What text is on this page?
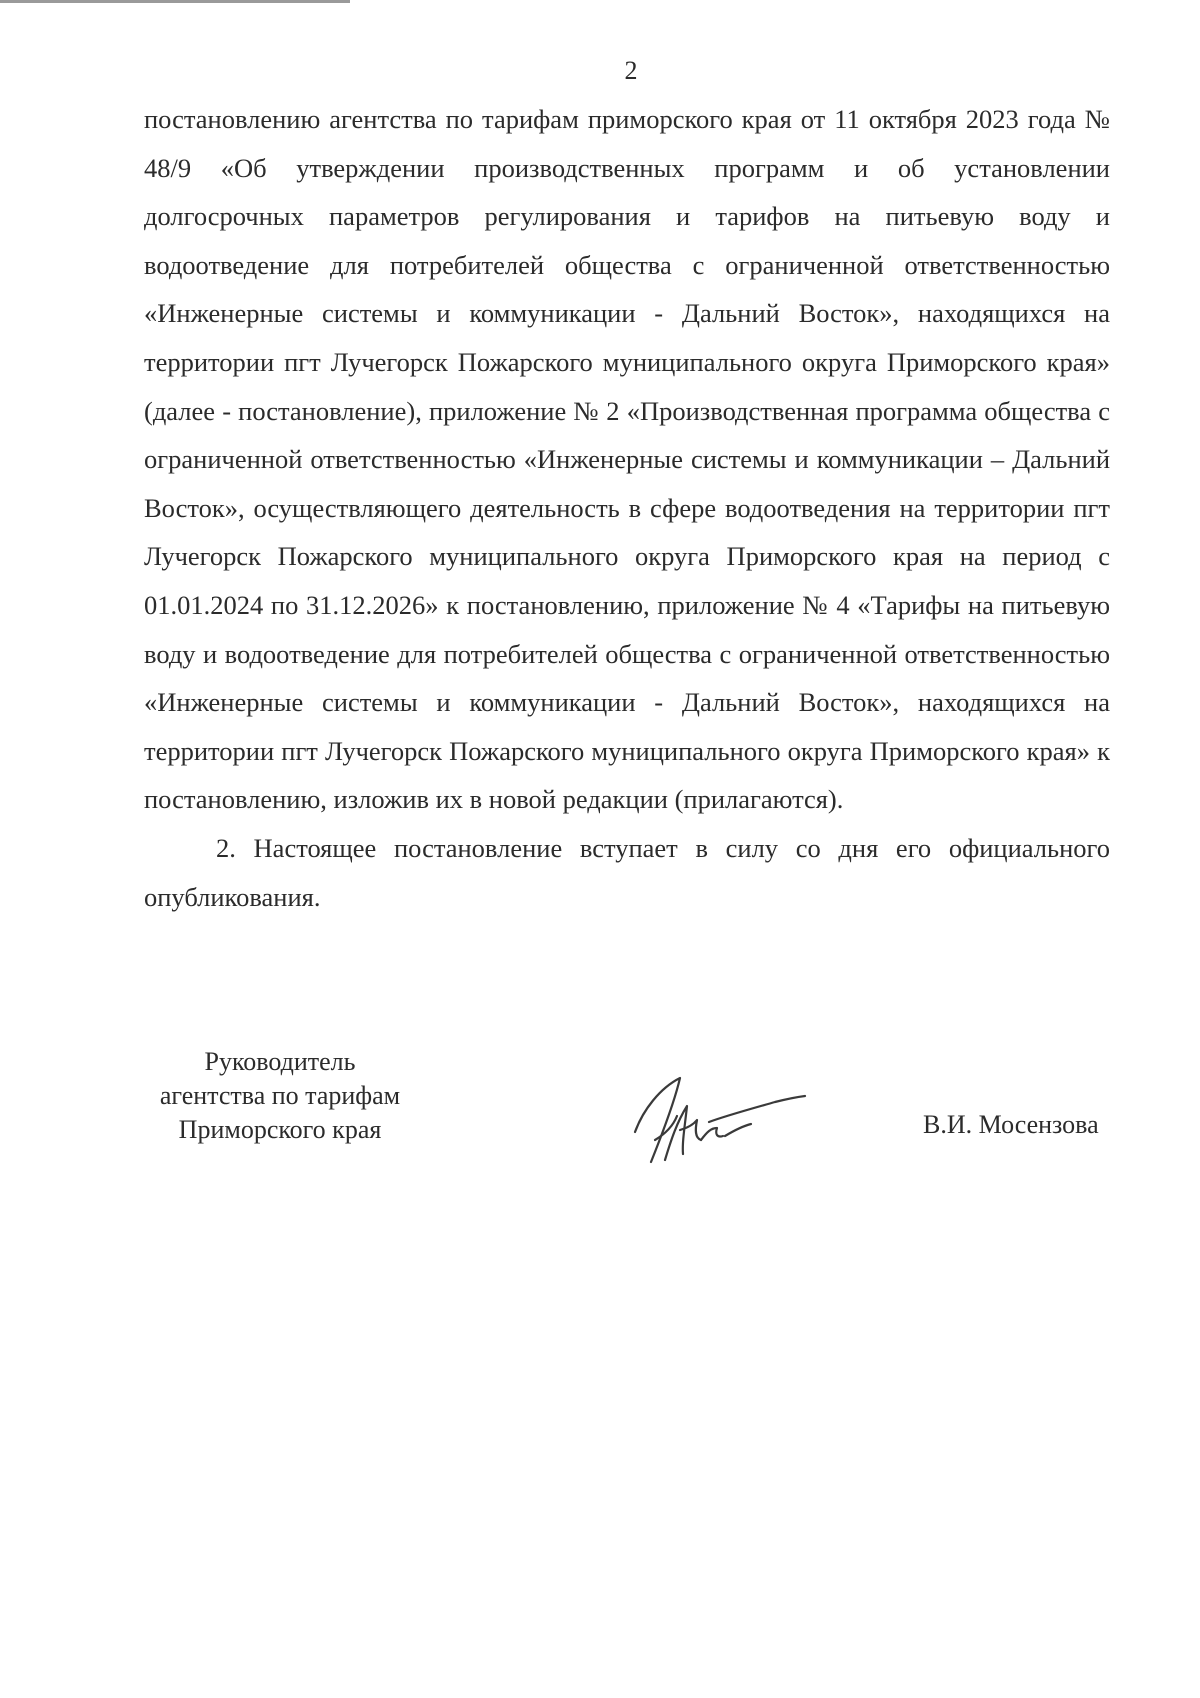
2

постановлению агентства по тарифам приморского края от 11 октября 2023 года № 48/9 «Об утверждении производственных программ и об установлении долгосрочных параметров регулирования и тарифов на питьевую воду и водоотведение для потребителей общества с ограниченной ответственностью «Инженерные системы и коммуникации - Дальний Восток», находящихся на территории пгт Лучегорск Пожарского муниципального округа Приморского края» (далее - постановление), приложение № 2 «Производственная программа общества с ограниченной ответственностью «Инженерные системы и коммуникации – Дальний Восток», осуществляющего деятельность в сфере водоотведения на территории пгт Лучегорск Пожарского муниципального округа Приморского края на период с 01.01.2024 по 31.12.2026» к постановлению, приложение № 4 «Тарифы на питьевую воду и водоотведение для потребителей общества с ограниченной ответственностью «Инженерные системы и коммуникации - Дальний Восток», находящихся на территории пгт Лучегорск Пожарского муниципального округа Приморского края» к постановлению, изложив их в новой редакции (прилагаются).

2. Настоящее постановление вступает в силу со дня его официального опубликования.

Руководитель
агентства по тарифам
Приморского края	В.И. Мосензова
